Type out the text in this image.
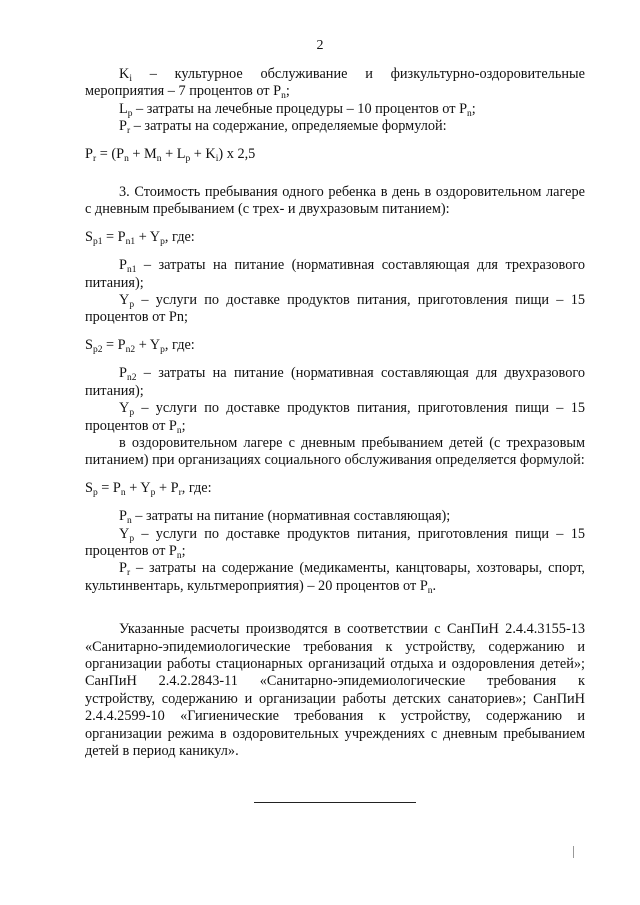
2

$K_i$ – культурное обслуживание и физкультурно-оздоровительные мероприятия – 7 процентов от $P_n$;

$L_p$ – затраты на лечебные процедуры – 10 процентов от $P_n$;

$P_r$ – затраты на содержание, определяемые формулой:

$P_r = (P_n + M_n + L_p + K_i)$ x 2,5

3. Стоимость пребывания одного ребенка в день в оздоровительном лагере с дневным пребыванием (с трех- и двухразовым питанием):

$S_{p1} = P_{n1} + Y_p$, где:

$P_{n1}$ – затраты на питание (нормативная составляющая для трехразового питания);

$Y_p$ – услуги по доставке продуктов питания, приготовления пищи – 15 процентов от Pn;

$S_{p2} = P_{n2} + Y_p$, где:

$P_{n2}$ – затраты на питание (нормативная составляющая для двухразового питания);

$Y_p$ – услуги по доставке продуктов питания, приготовления пищи – 15 процентов от $P_n$;

в оздоровительном лагере с дневным пребыванием детей (с трехразовым питанием) при организациях социального обслуживания определяется формулой:

$S_p = P_n + Y_p + P_r$, где:

$P_n$ – затраты на питание (нормативная составляющая);

$Y_p$ – услуги по доставке продуктов питания, приготовления пищи – 15 процентов от $P_n$;

$P_r$ – затраты на содержание (медикаменты, канцтовары, хозтовары, спорт, культинвентарь, культмероприятия) – 20 процентов от $P_n$.

Указанные расчеты производятся в соответствии с СанПиН 2.4.4.3155-13 «Санитарно-эпидемиологические требования к устройству, содержанию и организации работы стационарных организаций отдыха и оздоровления детей»; СанПиН 2.4.2.2843-11 «Санитарно-эпидемиологические требования к устройству, содержанию и организации работы детских санаториев»; СанПиН 2.4.4.2599-10 «Гигиенические требования к устройству, содержанию и организации режима в оздоровительных учреждениях с дневным пребыванием детей в период каникул».
